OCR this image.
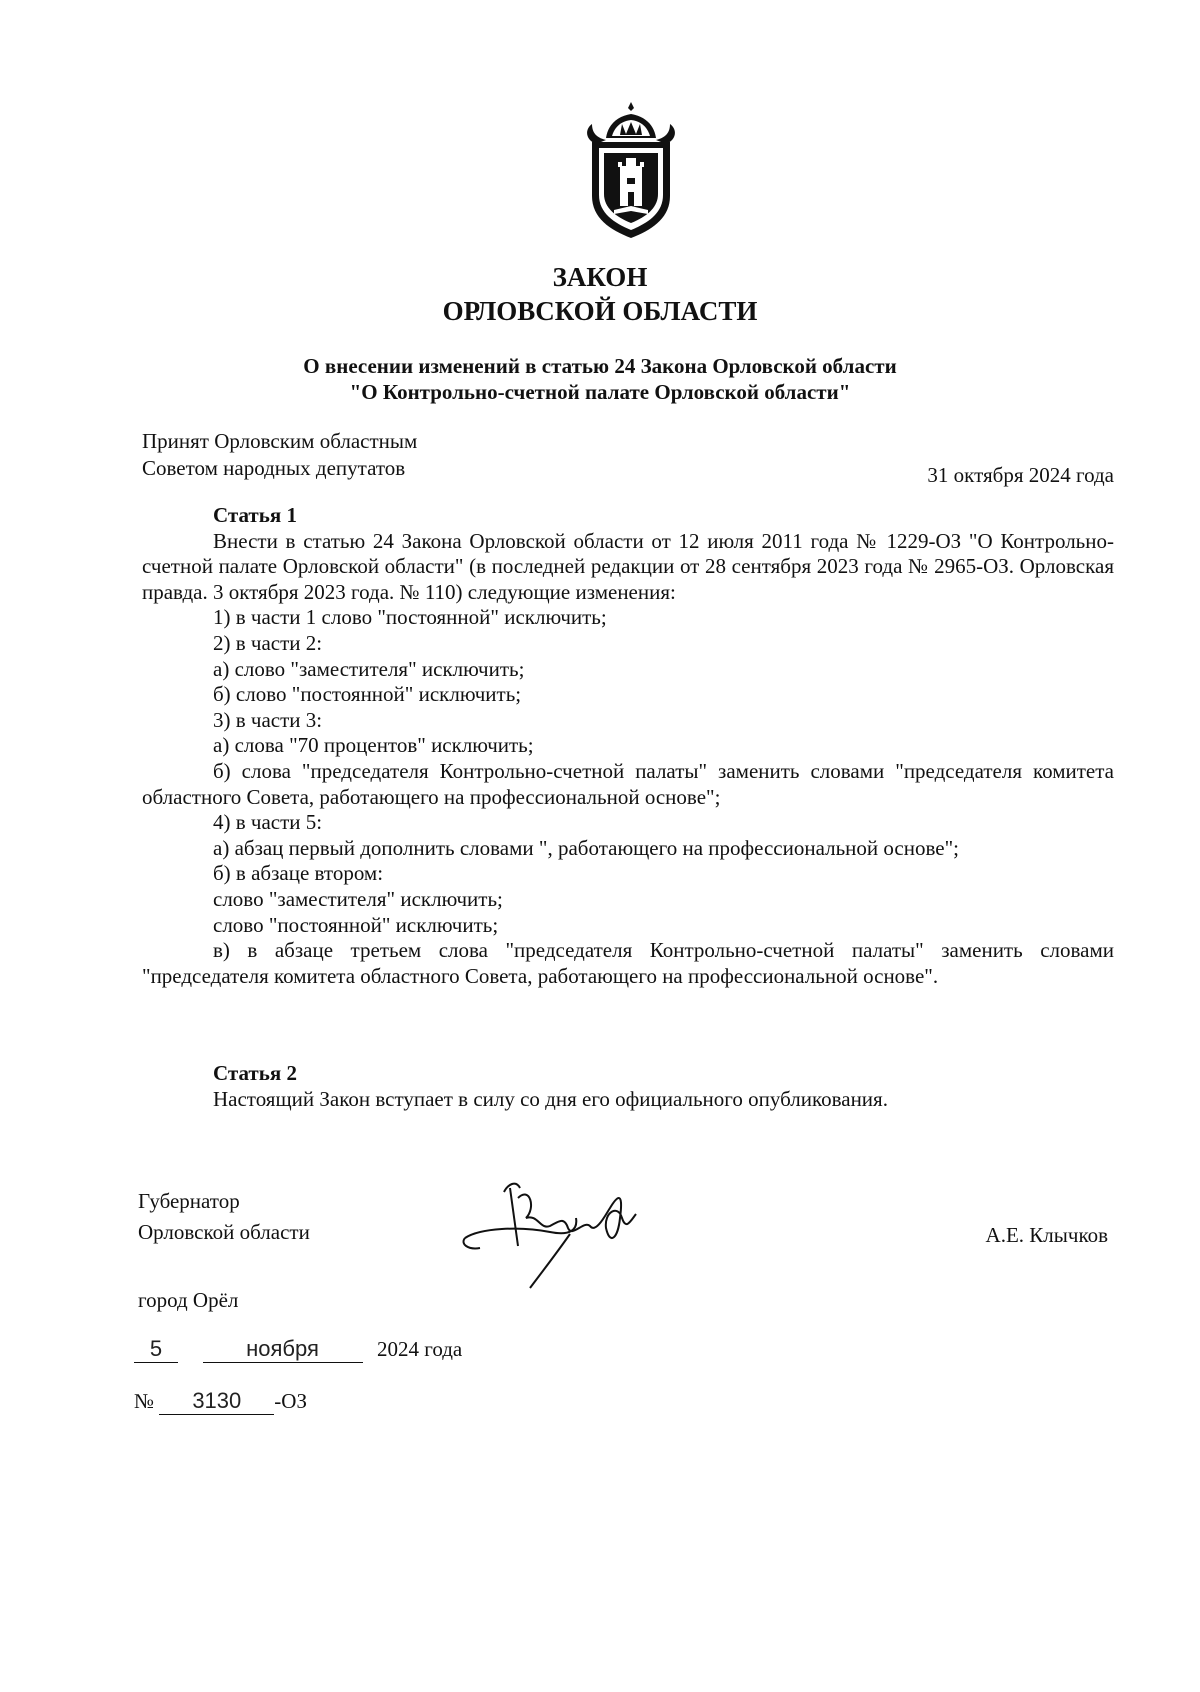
ЗАКОН
ОРЛОВСКОЙ ОБЛАСТИ
О внесении изменений в статью 24 Закона Орловской области
"О Контрольно-счетной палате Орловской области"
Принят Орловским областным
Советом народных депутатов	31 октября 2024 года

Статья 1

Внести в статью 24 Закона Орловской области от 12 июля 2011 года № 1229-ОЗ "О Контрольно-счетной палате Орловской области" (в последней редакции от 28 сентября 2023 года № 2965-ОЗ. Орловская правда. 3 октября 2023 года. № 110) следующие изменения:

1) в части 1 слово "постоянной" исключить;

2) в части 2:

а) слово "заместителя" исключить;

б) слово "постоянной" исключить;

3) в части 3:

а) слова "70 процентов" исключить;

б) слова "председателя Контрольно-счетной палаты" заменить словами "председателя комитета областного Совета, работающего на профессиональной основе";

4) в части 5:

а) абзац первый дополнить словами ", работающего на профессиональной основе";

б) в абзаце втором:

слово "заместителя" исключить;

слово "постоянной" исключить;

в) в абзаце третьем слова "председателя Контрольно-счетной палаты" заменить словами "председателя комитета областного Совета, работающего на профессиональной основе".

Статья 2

Настоящий Закон вступает в силу со дня его официального опубликования.

Губернатор
Орловской области	А.Е. Клычков
город Орёл
5	ноября	2024 года
№ 3130 -ОЗ
